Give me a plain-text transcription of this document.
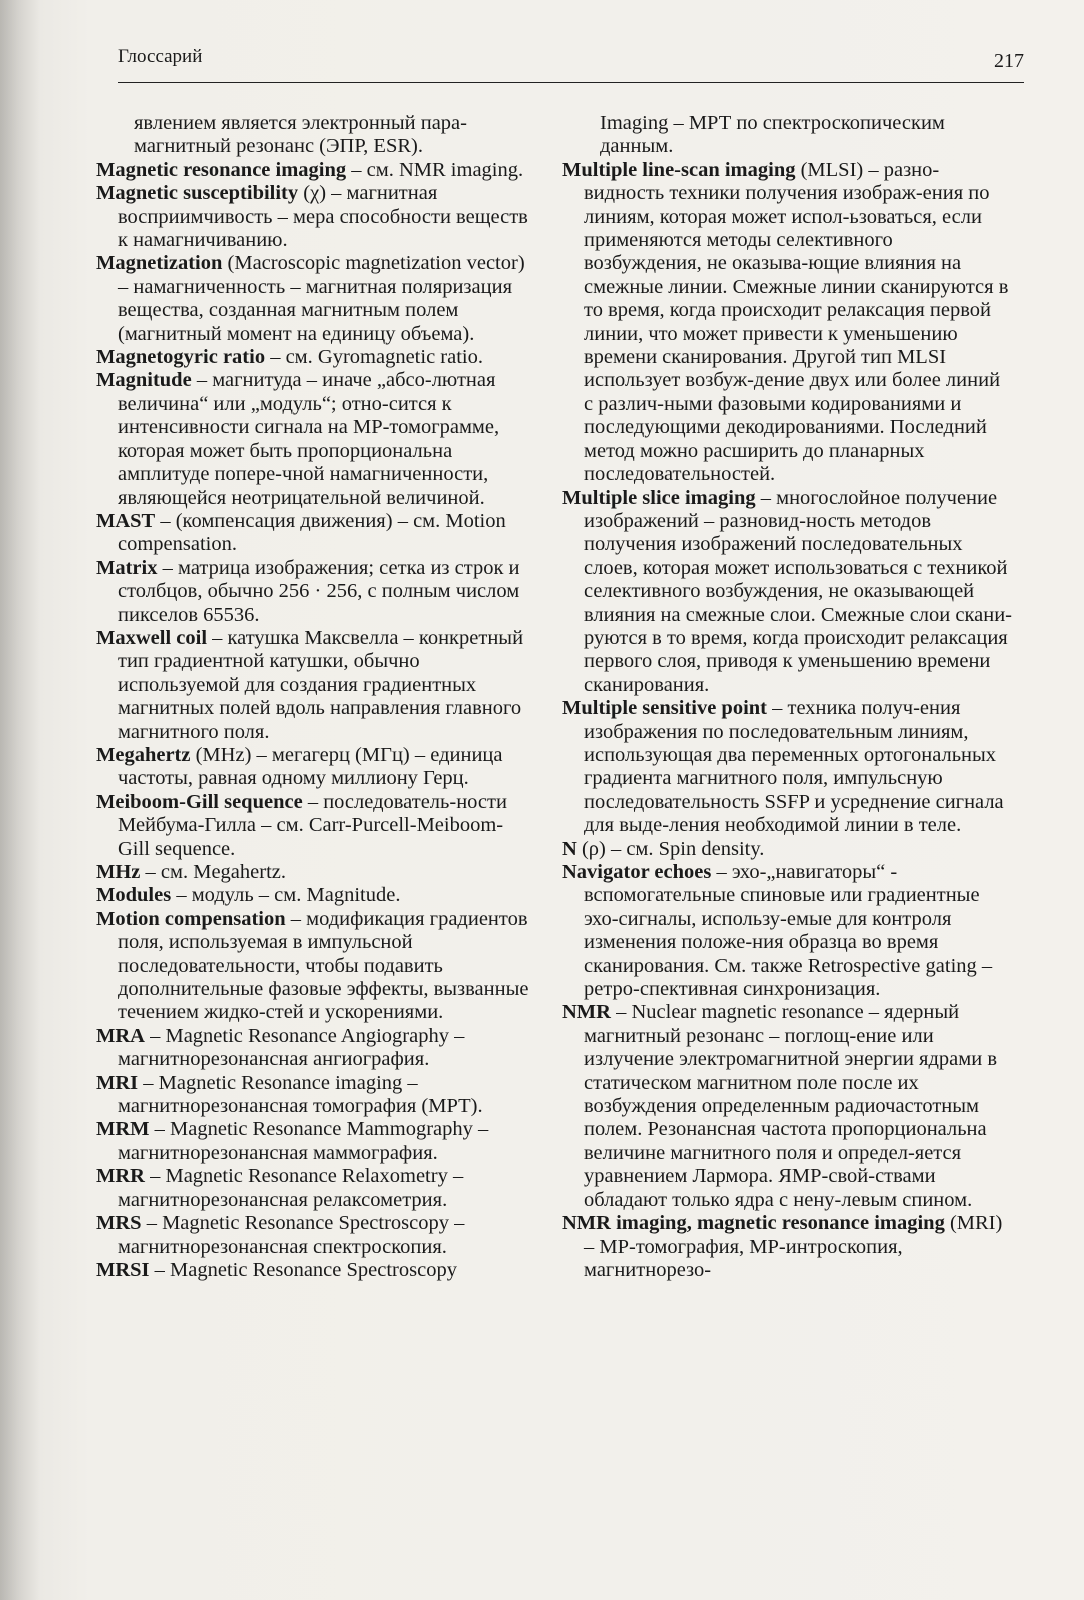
Глоссарий	217
явлением является электронный пара-магнитный резонанс (ЭПР, ESR).
Magnetic resonance imaging – см. NMR imaging.
Magnetic susceptibility (χ) – магнитная восприимчивость – мера способности веществ к намагничиванию.
Magnetization (Macroscopic magnetization vector) – намагниченность – магнитная поляризация вещества, созданная магнитным полем (магнитный момент на единицу объема).
Magnetogyric ratio – см. Gyromagnetic ratio.
Magnitude – магнитуда – иначе „абсо-лютная величина“ или „модуль“; отно-сится к интенсивности сигнала на МР-томограмме, которая может быть пропорциональна амплитуде попере-чной намагниченности, являющейся неотрицательной величиной.
MAST – (компенсация движения) – см. Motion compensation.
Matrix – матрица изображения; сетка из строк и столбцов, обычно 256 · 256, с полным числом пикселов 65536.
Maxwell coil – катушка Максвелла – конкретный тип градиентной катушки, обычно используемой для создания градиентных магнитных полей вдоль направления главного магнитного поля.
Megahertz (MHz) – мегагерц (МГц) – единица частоты, равная одному миллиону Герц.
Meiboom-Gill sequence – последователь-ности Мейбума-Гилла – см. Carr-Purcell-Meiboom-Gill sequence.
MHz – см. Megahertz.
Modules – модуль – см. Magnitude.
Motion compensation – модификация градиентов поля, используемая в импульсной последовательности, чтобы подавить дополнительные фазовые эффекты, вызванные течением жидко-стей и ускорениями.
MRA – Magnetic Resonance Angiography – магнитнорезонансная ангиография.
MRI – Magnetic Resonance imaging – магнитнорезонансная томография (МРТ).
MRM – Magnetic Resonance Mammography – магнитнорезонансная маммография.
MRR – Magnetic Resonance Relaxometry – магнитнорезонансная релаксометрия.
MRS – Magnetic Resonance Spectroscopy – магнитнорезонансная спектроскопия.
MRSI – Magnetic Resonance Spectroscopy
Imaging – МРТ по спектроскопическим данным.
Multiple line-scan imaging (MLSI) – разно-видность техники получения изображ-ения по линиям, которая может испол-ьзоваться, если применяются методы селективного возбуждения, не оказыва-ющие влияния на смежные линии. Смежные линии сканируются в то время, когда происходит релаксация первой линии, что может привести к уменьшению времени сканирования. Другой тип MLSI использует возбуж-дение двух или более линий с различ-ными фазовыми кодированиями и последующими декодированиями. Последний метод можно расширить до планарных последовательностей.
Multiple slice imaging – многослойное получение изображений – разновид-ность методов получения изображений последовательных слоев, которая может использоваться с техникой селективного возбуждения, не оказывающей влияния на смежные слои. Смежные слои скани-руются в то время, когда происходит релаксация первого слоя, приводя к уменьшению времени сканирования.
Multiple sensitive point – техника получ-ения изображения по последовательным линиям, использующая два переменных ортогональных градиента магнитного поля, импульсную последовательность SSFP и усреднение сигнала для выде-ления необходимой линии в теле.
N (ρ) – см. Spin density.
Navigator echoes – эхо-„навигаторы“ - вспомогательные спиновые или градиентные эхо-сигналы, использу-емые для контроля изменения положе-ния образца во время сканирования. См. также Retrospective gating – ретро-спективная синхронизация.
NMR – Nuclear magnetic resonance – ядерный магнитный резонанс – поглощ-ение или излучение электромагнитной энергии ядрами в статическом магнитном поле после их возбуждения определенным радиочастотным полем. Резонансная частота пропорциональна величине магнитного поля и определ-яется уравнением Лармора. ЯМР-свой-ствами обладают только ядра с нену-левым спином.
NMR imaging, magnetic resonance imaging (MRI) – МР-томография, МР-интроскопия, магнитнорезо-
